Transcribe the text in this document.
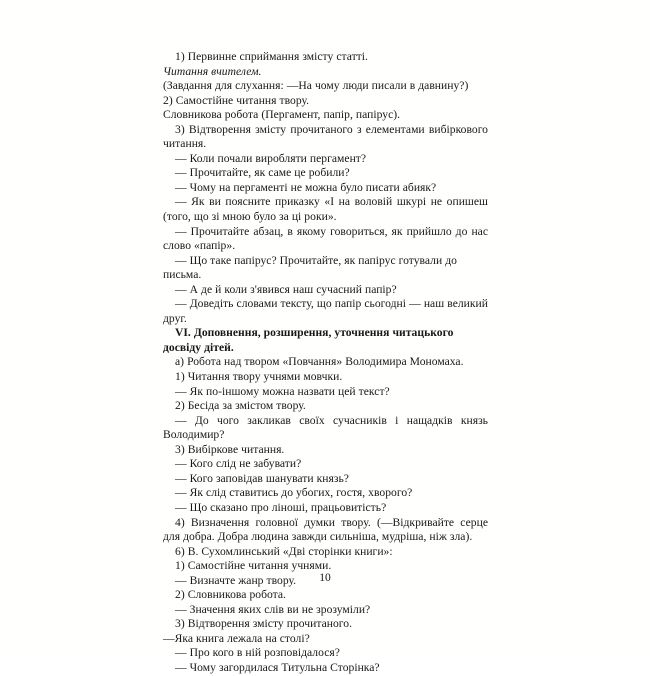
1) Первинне сприймання змісту статті.

Читання вчителем.

(Завдання для слухання: —На чому люди писали в давнину?)

2) Самостійне читання твору.

Словникова робота (Пергамент, папір, папірус).

3) Відтворення змісту прочитаного з елементами вибіркового читання.

— Коли почали виробляти пергамент?

— Прочитайте, як саме це робили?

— Чому на пергаменті не можна було писати абияк?

— Як ви поясните приказку «І на воловій шкурі не опишеш (того, що зі мною було за ці роки».

— Прочитайте абзац, в якому говориться, як прийшло до нас слово «папір».

— Що таке папірус? Прочитайте, як папірус готували до письма.

— А де й коли з'явився наш сучасний папір?

— Доведіть словами тексту, що папір сьогодні — наш великий друг.

VI. Доповнення, розширення, уточнення читацького досвіду дітей.

а) Робота над твором «Повчання» Володимира Мономаха.

1) Читання твору учнями мовчки.

— Як по-іншому можна назвати цей текст?

2) Бесіда за змістом твору.

— До чого закликав своїх сучасників і нащадків князь Володимир?

3) Вибіркове читання.

— Кого слід не забувати?

— Кого заповідав шанувати князь?

— Як слід ставитись до убогих, гостя, хворого?

— Що сказано про ліноші, працьовитість?

4) Визначення головної думки твору. (—Відкривайте серце для добра. Добра людина завжди сильніша, мудріша, ніж зла).

6) В. Сухомлинський «Дві сторінки книги»:

1) Самостійне читання учнями.

— Визначте жанр твору.

2) Словникова робота.

— Значення яких слів ви не зрозуміли?

3) Відтворення змісту прочитаного.

—Яка книга лежала на столі?

— Про кого в ній розповідалося?

— Чому загордилася Титульна Сторінка?

10
